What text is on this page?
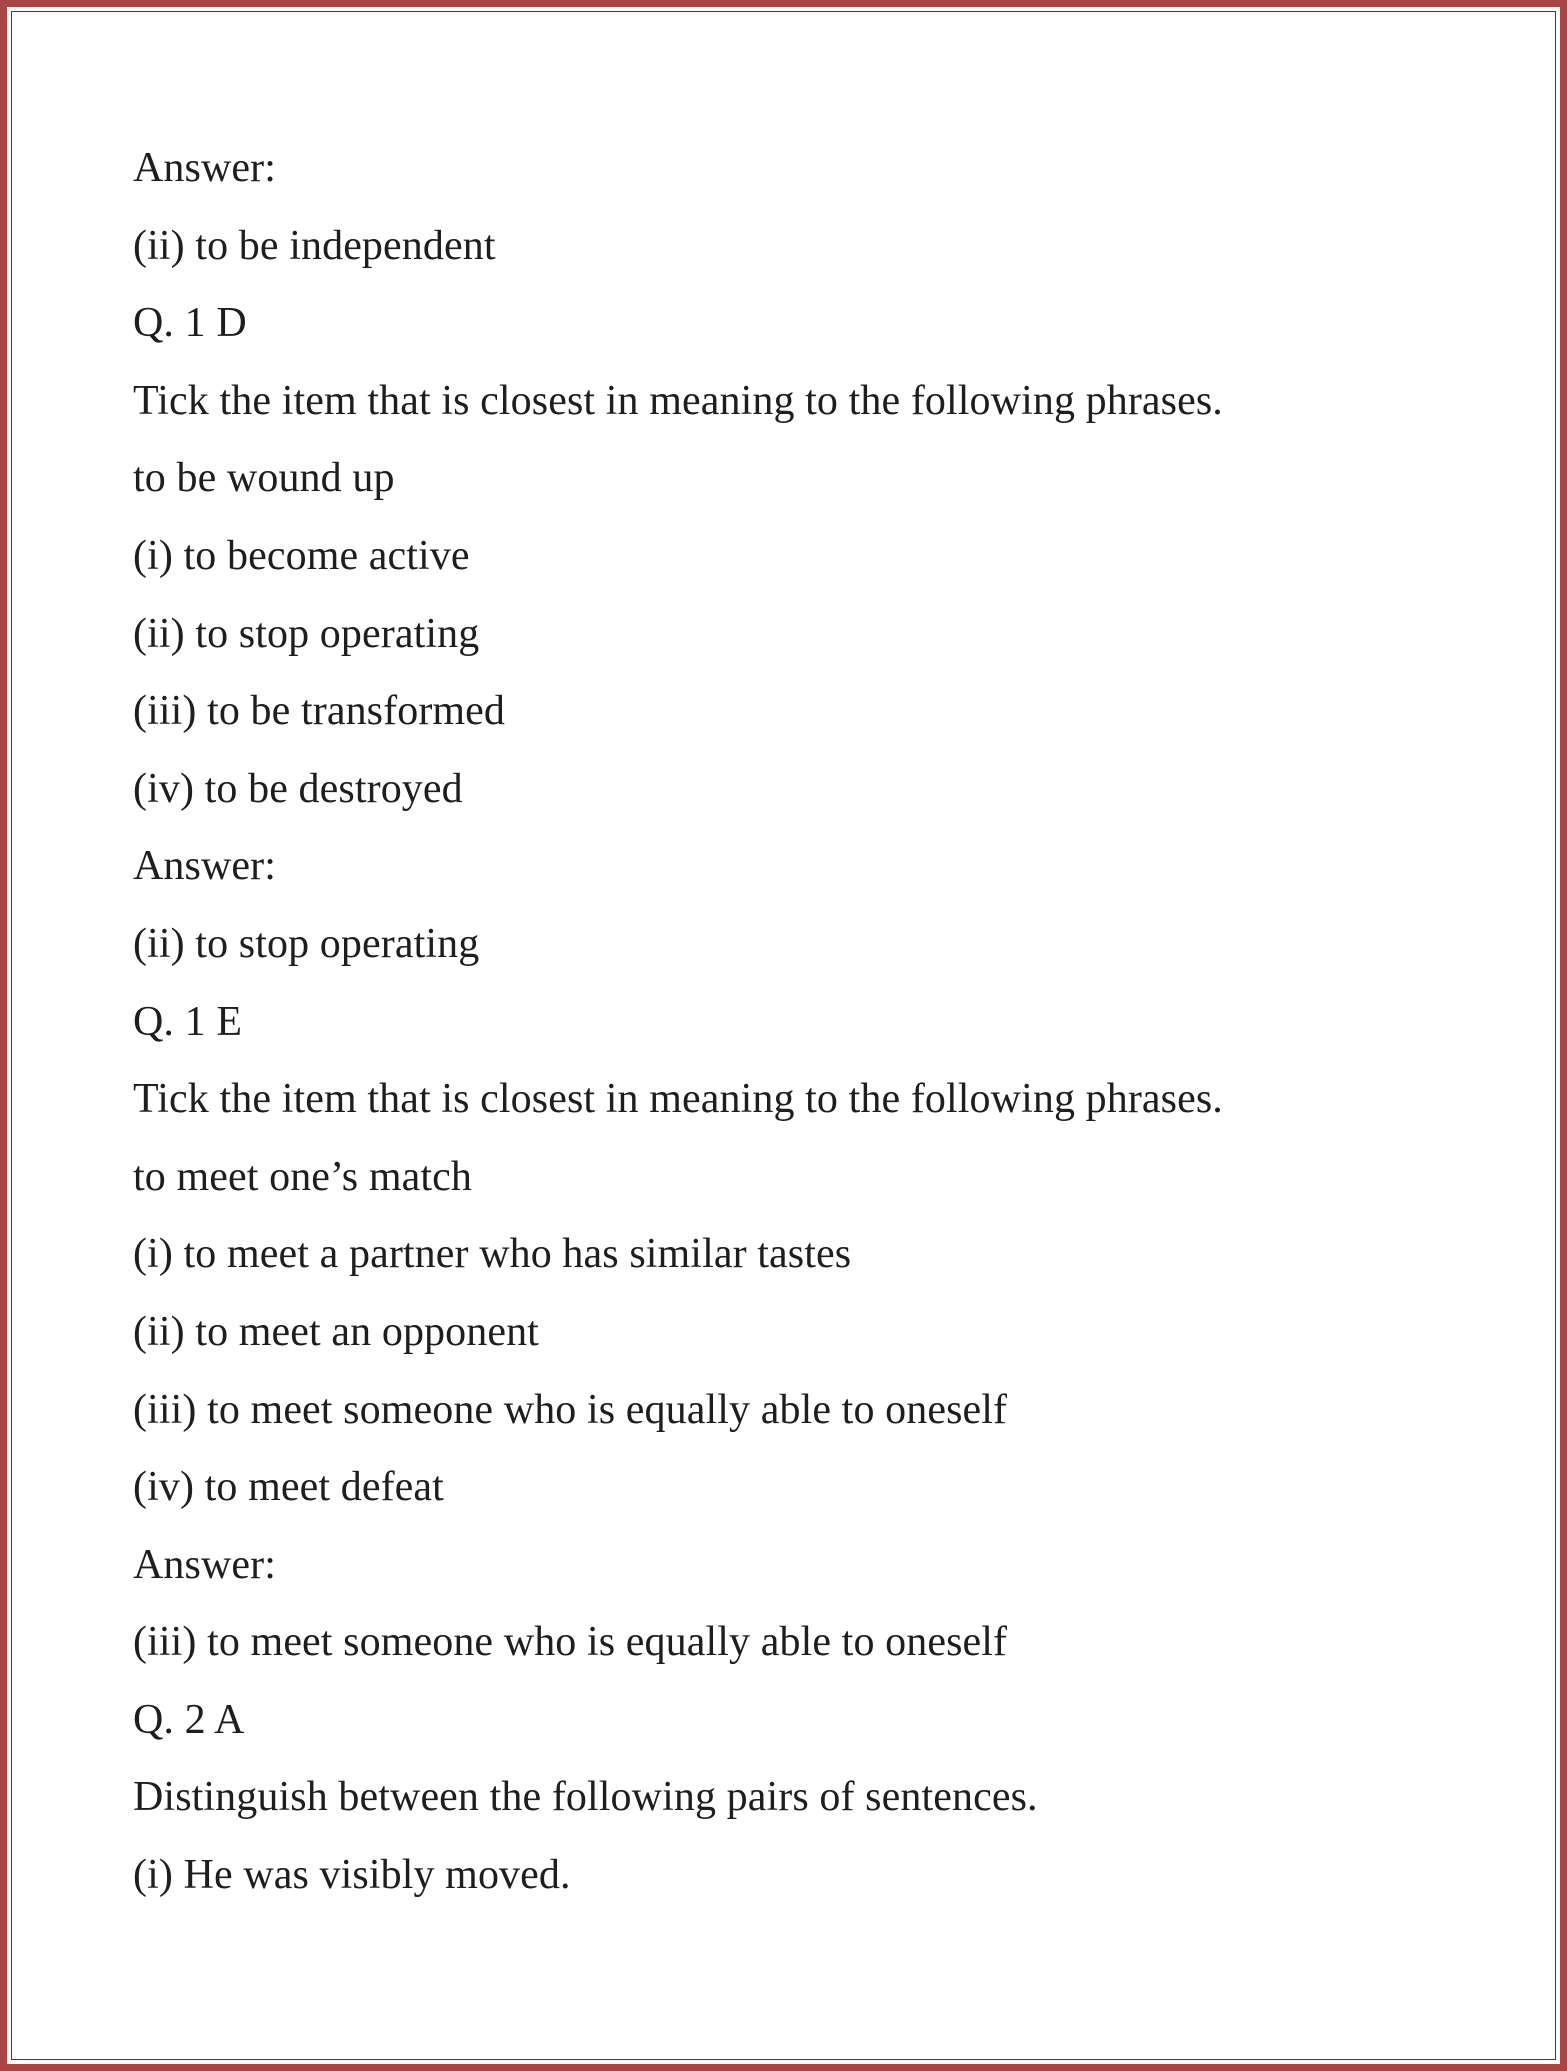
Answer:
(ii) to be independent
Q. 1 D
Tick the item that is closest in meaning to the following phrases.
to be wound up
(i) to become active
(ii) to stop operating
(iii) to be transformed
(iv) to be destroyed
Answer:
(ii) to stop operating
Q. 1 E
Tick the item that is closest in meaning to the following phrases.
to meet one’s match
(i) to meet a partner who has similar tastes
(ii) to meet an opponent
(iii) to meet someone who is equally able to oneself
(iv) to meet defeat
Answer:
(iii) to meet someone who is equally able to oneself
Q. 2 A
Distinguish between the following pairs of sentences.
(i) He was visibly moved.
